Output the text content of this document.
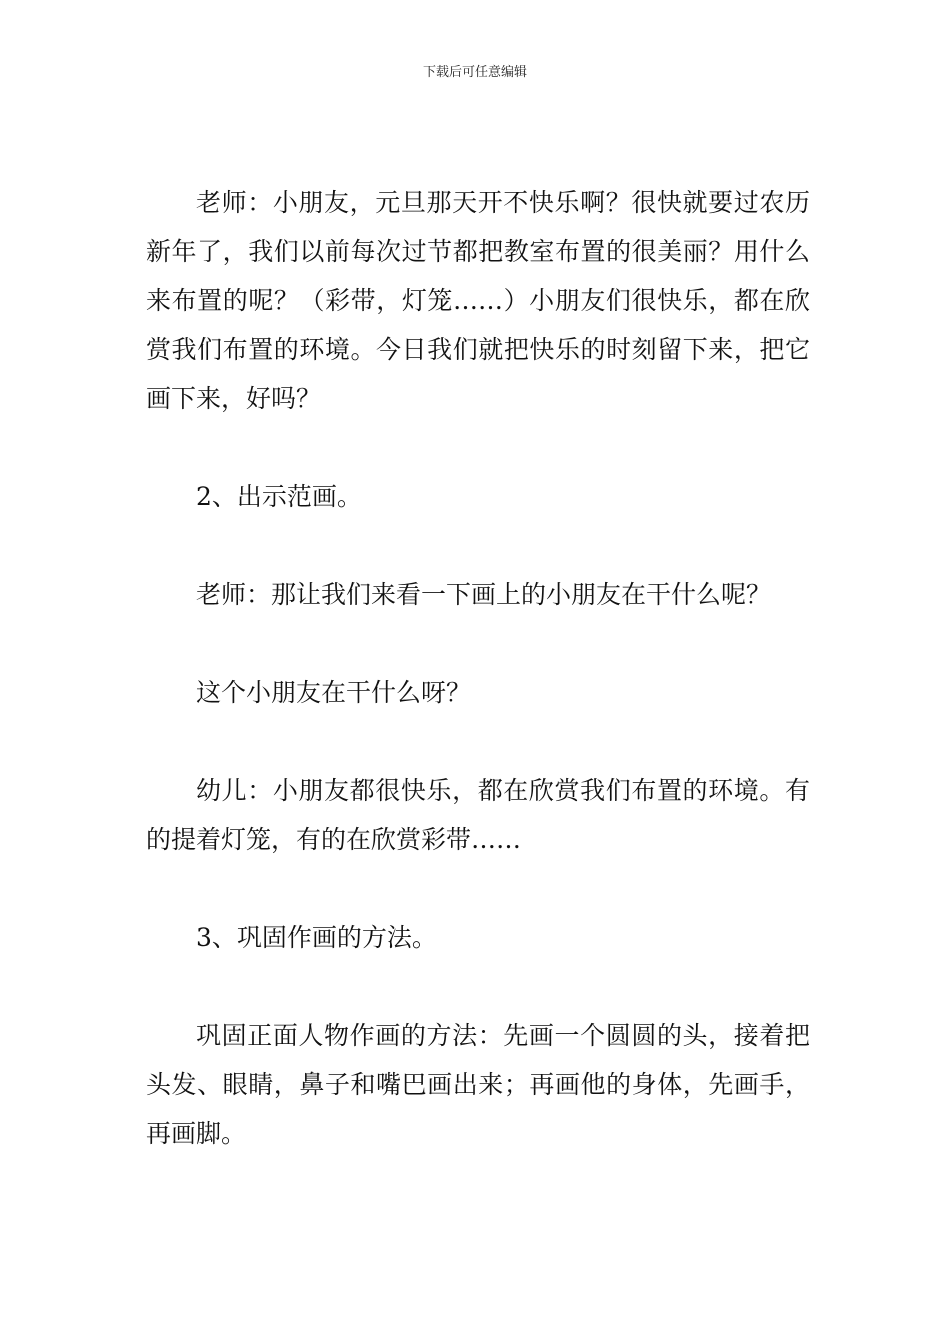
下载后可任意编辑

老师：小朋友，元旦那天开不快乐啊？很快就要过农历新年了，我们以前每次过节都把教室布置的很美丽？用什么来布置的呢？（彩带，灯笼……）小朋友们很快乐，都在欣赏我们布置的环境。今日我们就把快乐的时刻留下来，把它画下来，好吗？

2、出示范画。

老师：那让我们来看一下画上的小朋友在干什么呢？

这个小朋友在干什么呀？

幼儿：小朋友都很快乐，都在欣赏我们布置的环境。有的提着灯笼，有的在欣赏彩带……

3、巩固作画的方法。

巩固正面人物作画的方法：先画一个圆圆的头，接着把头发、眼睛，鼻子和嘴巴画出来；再画他的身体，先画手，再画脚。
